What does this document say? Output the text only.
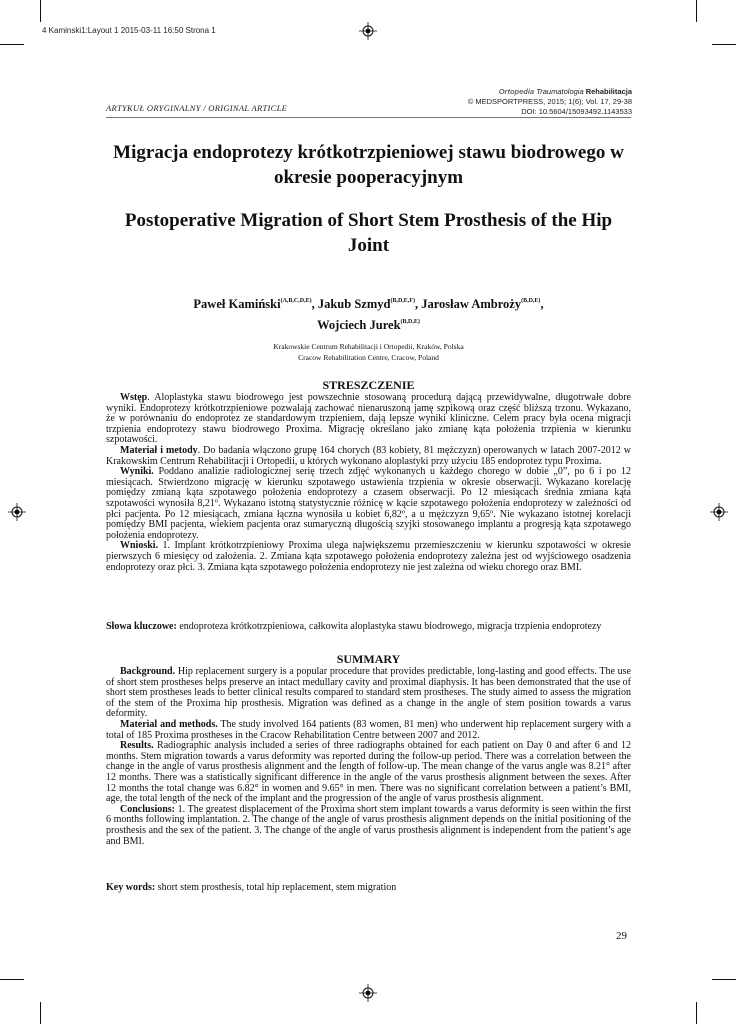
4 Kaminski1:Layout 1 2015-03-11 16:50 Strona 1
Ortopedia Traumatologia Rehabilitacja
© MEDSPORTPRESS, 2015; 1(6); Vol. 17, 29-38
DOI: 10.5604/15093492.1143533
ARTYKUŁ ORYGINALNY / ORIGINAL ARTICLE
Migracja endoprotezy krótkotrzpieniowej stawu biodrowego w okresie pooperacyjnym
Postoperative Migration of Short Stem Prosthesis of the Hip Joint
Paweł Kamiński$^{(A,B,C,D,E)}$, Jakub Szmyd$^{(B,D,E,F)}$, Jarosław Ambroży$^{(B,D,E)}$,
Wojciech Jurek$^{(B,D,E)}$
Krakowskie Centrum Rehabilitacji i Ortopedii, Kraków, Polska
Cracow Rehabilitation Centre, Cracow, Poland
STRESZCZENIE

Wstęp. Aloplastyka stawu biodrowego jest powszechnie stosowaną procedurą dającą przewidywalne, długotrwałe dobre wyniki. Endoprotezy krótkotrzpieniowe pozwalają zachować nienaruszoną jamę szpikową oraz część bliższą trzonu. Wykazano, że w porównaniu do endoprotez ze standardowym trzpieniem, dają lepsze wyniki kliniczne. Celem pracy była ocena migracji trzpienia endoprotezy stawu biodrowego Proxima. Migrację określano jako zmianę kąta położenia trzpienia w kierunku szpotawości.

Materiał i metody. Do badania włączono grupę 164 chorych (83 kobiety, 81 mężczyzn) operowanych w latach 2007-2012 w Krakowskim Centrum Rehabilitacji i Ortopedii, u których wykonano aloplastyki przy użyciu 185 endoprotez typu Proxima.

Wyniki. Poddano analizie radiologicznej serię trzech zdjęć wykonanych u każdego chorego w dobie „0”, po 6 i po 12 miesiącach. Stwierdzono migrację w kierunku szpotawego ustawienia trzpienia w okresie obserwacji. Wykazano korelację pomiędzy zmianą kąta szpotawego położenia endoprotezy a czasem obserwacji. Po 12 miesiącach średnia zmiana kąta szpotawości wynosiła 8,21º. Wykazano istotną statystycznie różnicę w kącie szpotawego położenia endoprotezy w zależności od płci pacjenta. Po 12 miesiącach, zmiana łączna wynosiła u kobiet 6,82º, a u mężczyzn 9,65º. Nie wykazano istotnej korelacji pomiędzy BMI pacjenta, wiekiem pacjenta oraz sumaryczną długością szyjki stosowanego implantu a progresją kąta szpotawego położenia endoprotezy.

Wnioski. 1. Implant krótkotrzpieniowy Proxima ulega największemu przemieszczeniu w kierunku szpotawości w okresie pierwszych 6 miesięcy od założenia. 2. Zmiana kąta szpotawego położenia endoprotezy zależna jest od wyjściowego osadzenia endoprotezy oraz płci. 3. Zmiana kąta szpotawego położenia endoprotezy nie jest zależna od wieku chorego oraz BMI.

Słowa kluczowe: endoproteza krótkotrzpieniowa, całkowita aloplastyka stawu biodrowego, migracja trzpienia endoprotezy
SUMMARY

Background. Hip replacement surgery is a popular procedure that provides predictable, long-lasting and good effects. The use of short stem prostheses helps preserve an intact medullary cavity and proximal diaphysis. It has been demonstrated that the use of short stem prostheses leads to better clinical results compared to standard stem prostheses. The study aimed to assess the migration of the stem of the Proxima hip prosthesis. Migration was defined as a change in the angle of stem position towards a varus deformity.

Material and methods. The study involved 164 patients (83 women, 81 men) who underwent hip replacement surgery with a total of 185 Proxima prostheses in the Cracow Rehabilitation Centre between 2007 and 2012.

Results. Radiographic analysis included a series of three radiographs obtained for each patient on Day 0 and after 6 and 12 months. Stem migration towards a varus deformity was reported during the follow-up period. There was a correlation between the change in the angle of varus prosthesis alignment and the length of follow-up. The mean change of the varus angle was 8.21° after 12 months. There was a statistically significant difference in the angle of the varus prosthesis alignment between the sexes. After 12 months the total change was 6.82° in women and 9.65° in men. There was no significant correlation between a patient’s BMI, age, the total length of the neck of the implant and the progression of the angle of varus prosthesis alignment.

Conclusions: 1. The greatest displacement of the Proxima short stem implant towards a varus deformity is seen within the first 6 months following implantation. 2. The change of the angle of varus prosthesis alignment depends on the initial positioning of the prosthesis and the sex of the patient. 3. The change of the angle of varus prosthesis alignment is independent from the patient’s age and BMI.

Key words: short stem prosthesis, total hip replacement, stem migration
29
